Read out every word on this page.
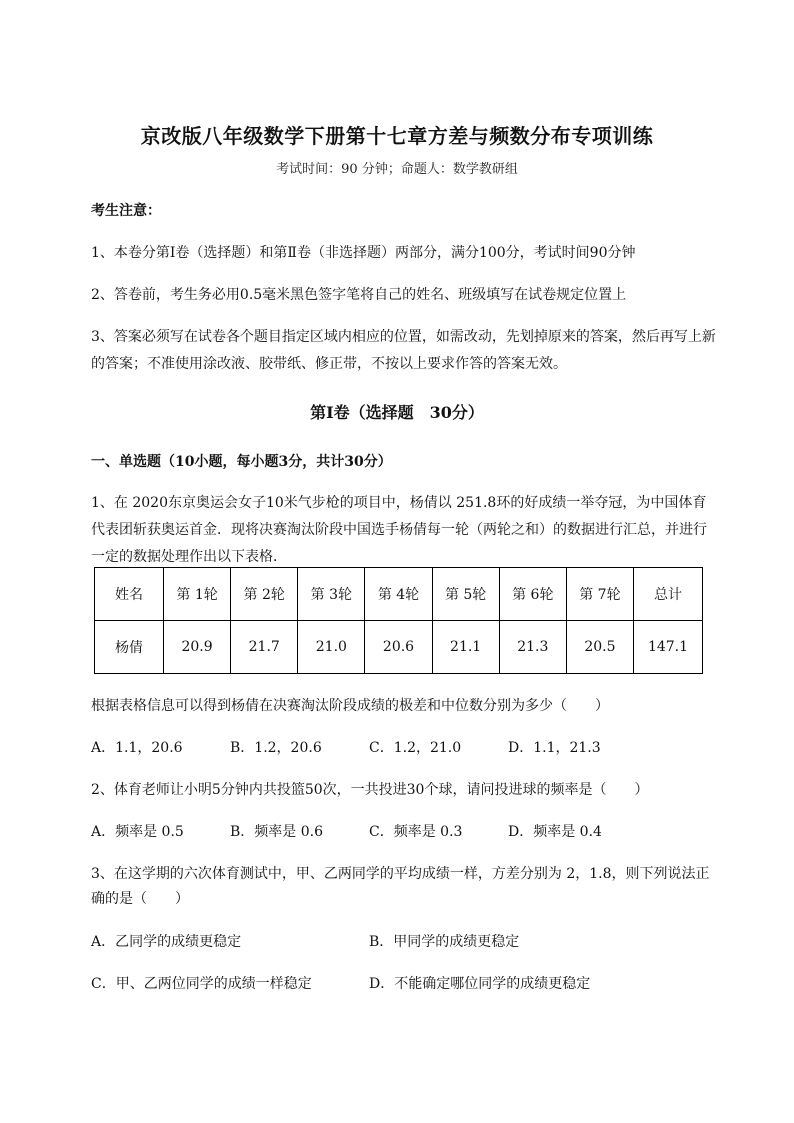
京改版八年级数学下册第十七章方差与频数分布专项训练
考试时间：90 分钟；命题人：数学教研组
考生注意：
1、本卷分第Ⅰ卷（选择题）和第Ⅱ卷（非选择题）两部分，满分100分，考试时间90分钟
2、答卷前，考生务必用0.5毫米黑色签字笔将自己的姓名、班级填写在试卷规定位置上
3、答案必须写在试卷各个题目指定区域内相应的位置，如需改动，先划掉原来的答案，然后再写上新
的答案；不准使用涂改液、胶带纸、修正带，不按以上要求作答的答案无效。
第Ⅰ卷（选择题　30分）
一、单选题（10小题，每小题3分，共计30分）
1、在 2020东京奥运会女子10米气步枪的项目中，杨倩以 251.8环的好成绩一举夺冠，为中国体育
代表团斩获奥运首金．现将决赛淘汰阶段中国选手杨倩每一轮（两轮之和）的数据进行汇总，并进行
一定的数据处理作出以下表格．
姓名	第 1轮	第 2轮	第 3轮	第 4轮	第 5轮	第 6轮	第 7轮	总计
杨倩	20.9	21.7	21.0	20.6	21.1	21.3	20.5	147.1
根据表格信息可以得到杨倩在决赛淘汰阶段成绩的极差和中位数分别为多少（　　）
A．1.1，20.6	B．1.2，20.6	C．1.2，21.0	D．1.1，21.3
2、体育老师让小明5分钟内共投篮50次，一共投进30个球，请问投进球的频率是（　　）
A．频率是 0.5	B．频率是 0.6	C．频率是 0.3	D．频率是 0.4
3、在这学期的六次体育测试中，甲、乙两同学的平均成绩一样，方差分别为 2，1.8，则下列说法正
确的是（　　）
A．乙同学的成绩更稳定	B．甲同学的成绩更稳定
C．甲、乙两位同学的成绩一样稳定	D．不能确定哪位同学的成绩更稳定
